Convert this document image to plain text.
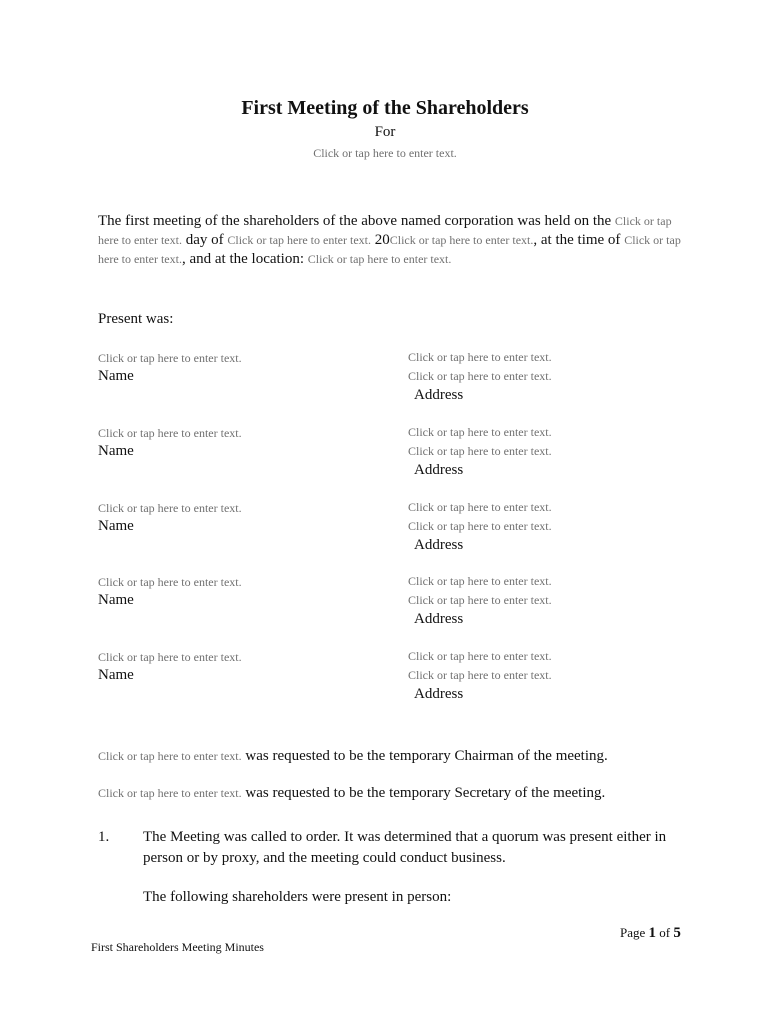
First Meeting of the Shareholders
For
Click or tap here to enter text.
The first meeting of the shareholders of the above named corporation was held on the Click or tap here to enter text. day of Click or tap here to enter text. 20Click or tap here to enter text., at the time of Click or tap here to enter text., and at the location: Click or tap here to enter text.
Present was:
Click or tap here to enter text.
Name
Click or tap here to enter text.
Click or tap here to enter text.
Address
Click or tap here to enter text.
Name
Click or tap here to enter text.
Click or tap here to enter text.
Address
Click or tap here to enter text.
Name
Click or tap here to enter text.
Click or tap here to enter text.
Address
Click or tap here to enter text.
Name
Click or tap here to enter text.
Click or tap here to enter text.
Address
Click or tap here to enter text.
Name
Click or tap here to enter text.
Click or tap here to enter text.
Address
Click or tap here to enter text. was requested to be the temporary Chairman of the meeting.
Click or tap here to enter text. was requested to be the temporary Secretary of the meeting.
1. The Meeting was called to order. It was determined that a quorum was present either in person or by proxy, and the meeting could conduct business.
The following shareholders were present in person:
Page 1 of 5
First Shareholders Meeting Minutes
